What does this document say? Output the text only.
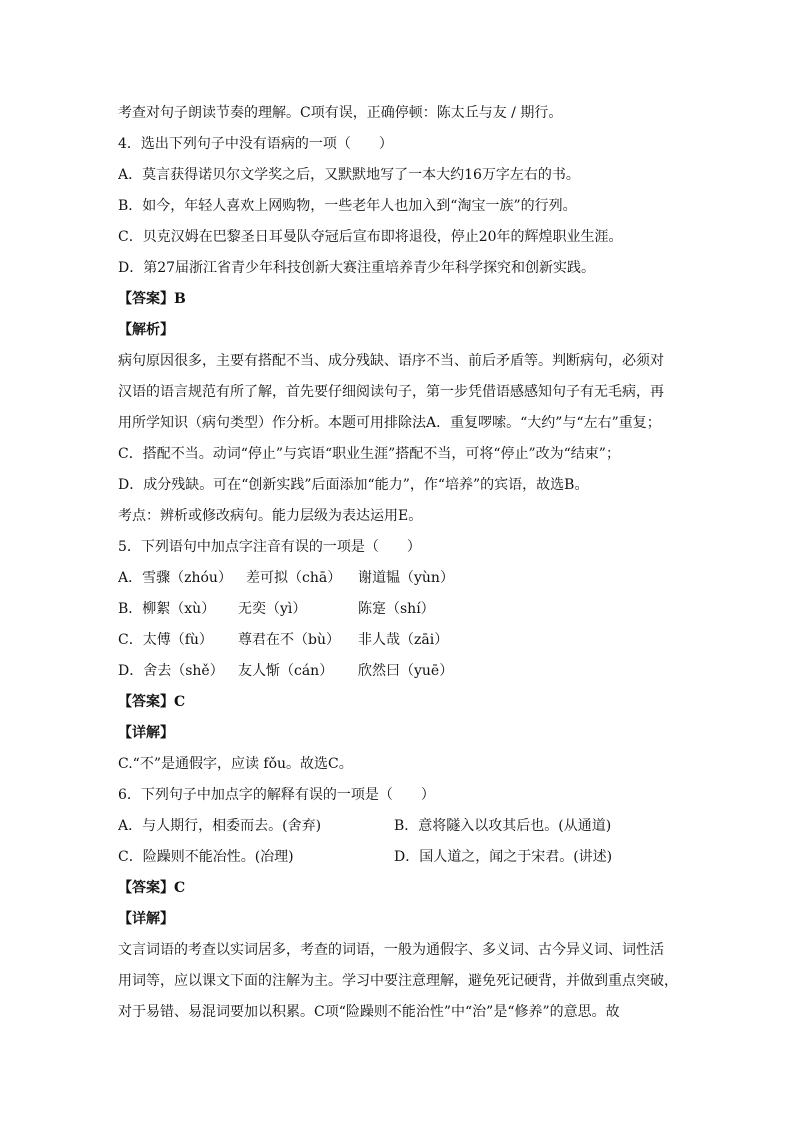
考查对句子朗读节奏的理解。C项有误，正确停顿：陈太丘与友 / 期行。
4．选出下列句子中没有语病的一项（　　）
A．莫言获得诺贝尔文学奖之后，又默默地写了一本大约16万字左右的书。
B．如今，年轻人喜欢上网购物，一些老年人也加入到“淘宝一族”的行列。
C．贝克汉姆在巴黎圣日耳曼队夺冠后宣布即将退役，停止20年的辉煌职业生涯。
D．第27届浙江省青少年科技创新大赛注重培养青少年科学探究和创新实践。
【答案】B
【解析】
病句原因很多，主要有搭配不当、成分残缺、语序不当、前后矛盾等。判断病句，必须对
汉语的语言规范有所了解，首先要仔细阅读句子，第一步凭借语感感知句子有无毛病，再
用所学知识（病句类型）作分析。本题可用排除法A．重复啰嗦。“大约”与“左右”重复；
C．搭配不当。动词“停止”与宾语“职业生涯”搭配不当，可将“停止”改为“结束”；
D．成分残缺。可在“创新实践”后面添加“能力”，作“培养”的宾语，故选B。
考点：辨析或修改病句。能力层级为表达运用E。
5．下列语句中加点字注音有误的一项是（　　）
A．雪骤（zhóu） 差可拟（chā） 谢道韫（yùn）
B．柳絮（xù） 无奕（yì）	陈寔（shí）
C．太傅（fù） 尊君在不（bù） 非人哉（zāi）
D．舍去（shě） 友人惭（cán） 欣然曰（yuē）
【答案】C
【详解】
C.“不”是通假字，应读 fǒu。故选C。
6．下列句子中加点字的解释有误的一项是（　　）
A．与人期行，相委而去。(舍弃)	B．意将隧入以攻其后也。(从通道)
C．险躁则不能冶性。(冶理)	D．国人道之，闻之于宋君。(讲述)
【答案】C
【详解】
文言词语的考查以实词居多，考查的词语，一般为通假字、多义词、古今异义词、词性活
用词等，应以课文下面的注解为主。学习中要注意理解，避免死记硬背，并做到重点突破，
对于易错、易混词要加以积累。C项“险躁则不能治性”中“治”是“修养”的意思。故
